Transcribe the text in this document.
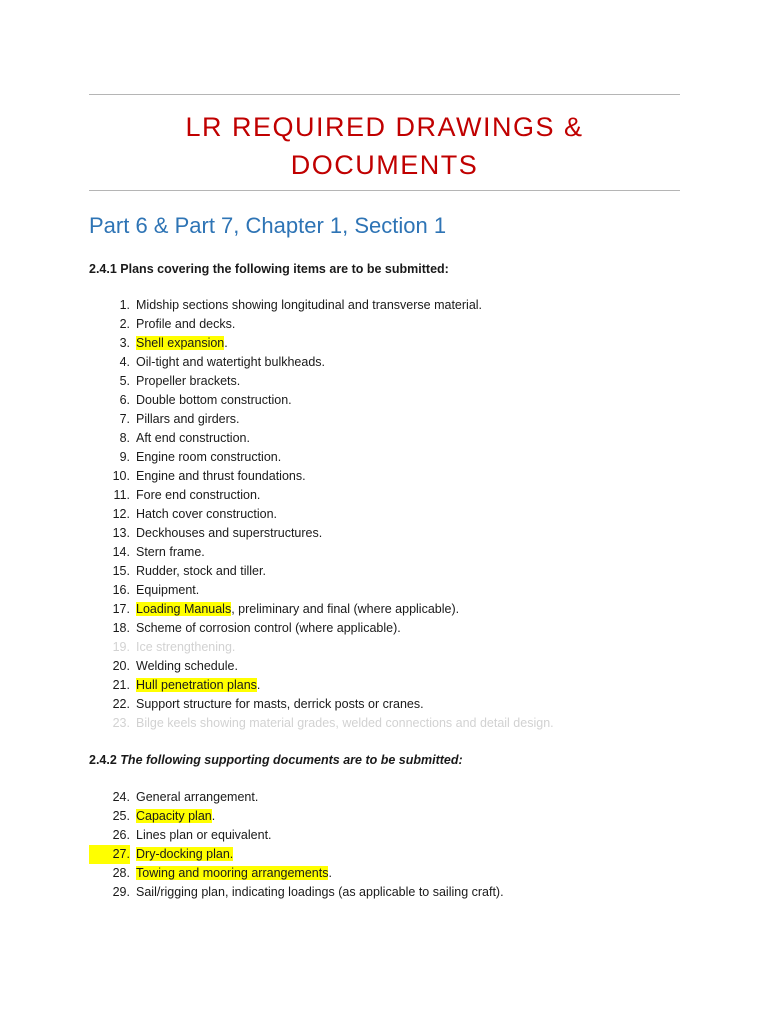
LR REQUIRED DRAWINGS &
DOCUMENTS
Part 6 & Part 7, Chapter 1, Section 1
2.4.1 Plans covering the following items are to be submitted:
1. Midship sections showing longitudinal and transverse material.
2. Profile and decks.
3. Shell expansion.
4. Oil-tight and watertight bulkheads.
5. Propeller brackets.
6. Double bottom construction.
7. Pillars and girders.
8. Aft end construction.
9. Engine room construction.
10. Engine and thrust foundations.
11. Fore end construction.
12. Hatch cover construction.
13. Deckhouses and superstructures.
14. Stern frame.
15. Rudder, stock and tiller.
16. Equipment.
17. Loading Manuals, preliminary and final (where applicable).
18. Scheme of corrosion control (where applicable).
19. Ice strengthening.
20. Welding schedule.
21. Hull penetration plans.
22. Support structure for masts, derrick posts or cranes.
23. Bilge keels showing material grades, welded connections and detail design.
2.4.2 The following supporting documents are to be submitted:
24. General arrangement.
25. Capacity plan.
26. Lines plan or equivalent.
27. Dry-docking plan.
28. Towing and mooring arrangements.
29. Sail/rigging plan, indicating loadings (as applicable to sailing craft).
